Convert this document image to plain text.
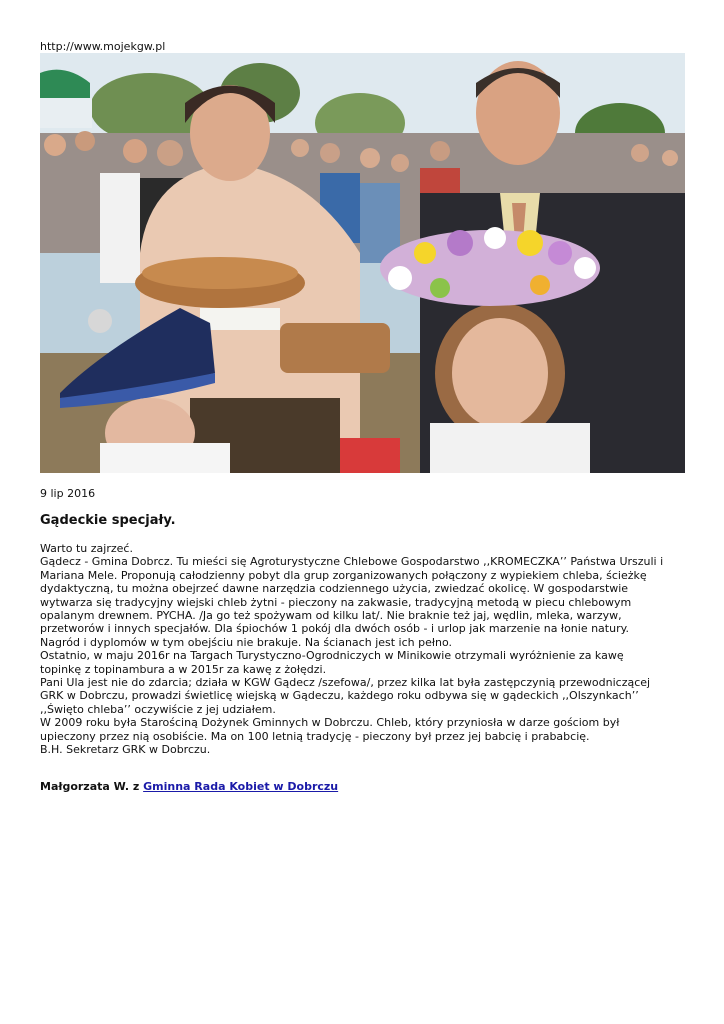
http://www.mojekgw.pl
9 lip 2016
Gądeckie specjały.

Warto tu zajrzeć.

Gądecz - Gmina Dobrcz. Tu mieści się Agroturystyczne Chlebowe Gospodarstwo ,,KROMECZKA’’ Państwa Urszuli i

Mariana Mele. Proponują całodzienny pobyt dla grup zorganizowanych połączony z wypiekiem chleba, ścieżkę

dydaktyczną, tu można obejrzeć dawne narzędzia codziennego użycia, zwiedzać okolicę. W gospodarstwie

wytwarza się tradycyjny wiejski chleb żytni - pieczony na zakwasie, tradycyjną metodą w piecu chlebowym

opalanym drewnem. PYCHA. /Ja go też spożywam od kilku lat/. Nie braknie też jaj, wędlin, mleka, warzyw,

przetworów i innych specjałów. Dla śpiochów 1 pokój dla dwóch osób - i urlop jak marzenie na łonie natury.

Nagród i dyplomów w tym obejściu nie brakuje. Na ścianach jest ich pełno.

Ostatnio, w maju 2016r na Targach Turystyczno-Ogrodniczych w Minikowie otrzymali wyróżnienie za kawę

topinkę z topinambura a w 2015r za kawę z żołędzi.

Pani Ula jest nie do zdarcia; działa w KGW Gądecz /szefowa/, przez kilka lat była zastępczynią przewodniczącej

GRK w Dobrczu, prowadzi świetlicę wiejską w Gądeczu, każdego roku odbywa się w gądeckich ,,Olszynkach’’

,,Święto chleba’’ oczywiście z jej udziałem.

W 2009 roku była Starościną Dożynek Gminnych w Dobrczu. Chleb, który przyniosła w darze gościom był

upieczony przez nią osobiście. Ma on 100 letnią tradycję - pieczony był przez jej babcię i prababcię.

B.H. Sekretarz GRK w Dobrczu.

Małgorzata W. z Gminna Rada Kobiet w Dobrczu
